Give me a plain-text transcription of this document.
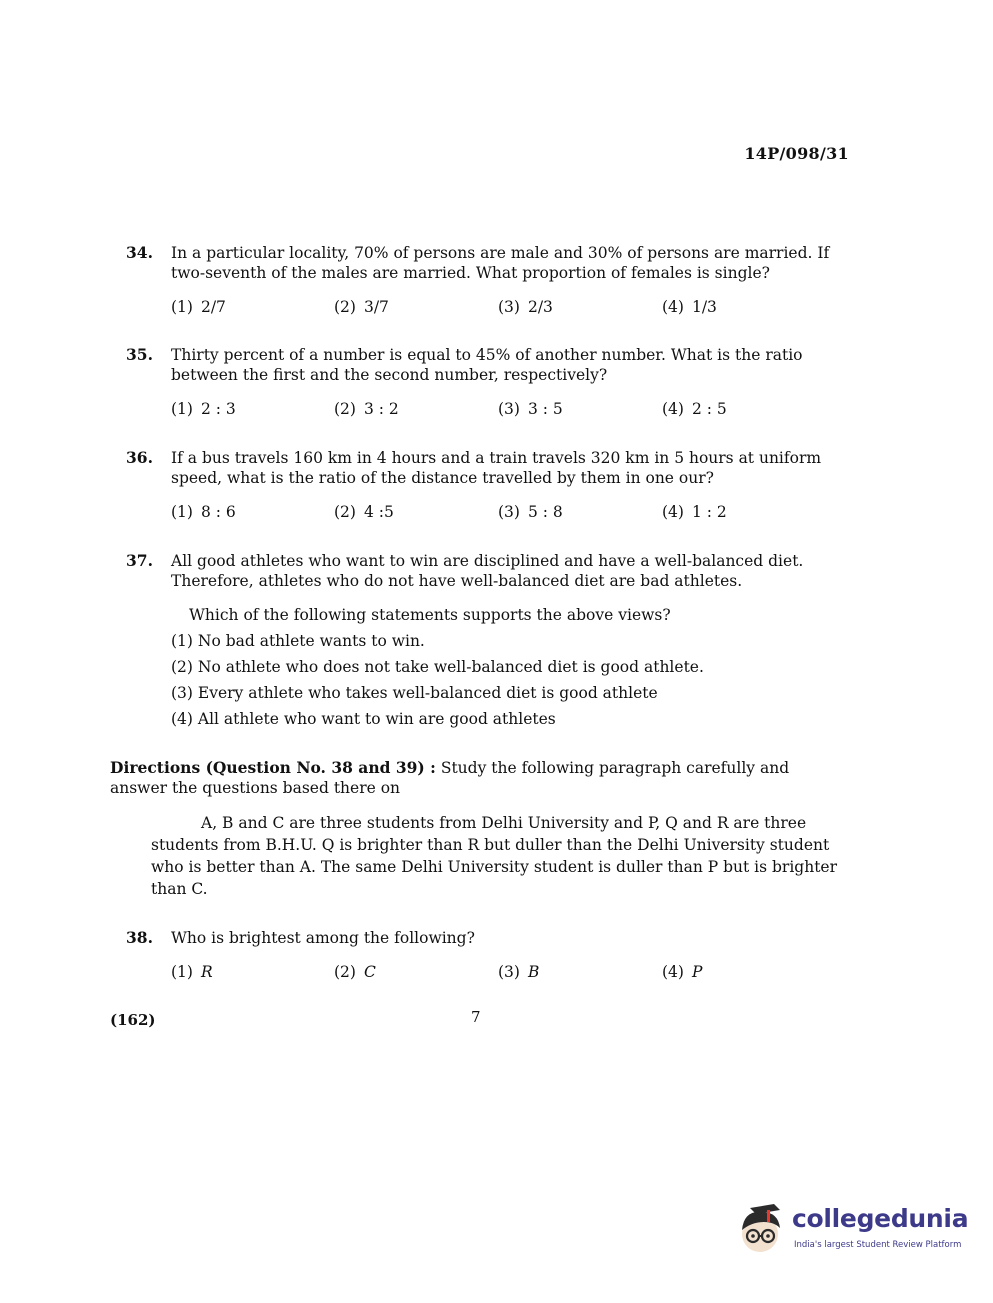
14P/098/31
34. In a particular locality, 70% of persons are male and 30% of persons are married. If two-seventh of the males are married. What proportion of females is single?
(1) 2/7	(2) 3/7	(3) 2/3	(4) 1/3
35. Thirty percent of a number is equal to 45% of another number. What is the ratio between the first and the second number, respectively?
(1) 2 : 3	(2) 3 : 2	(3) 3 : 5	(4) 2 : 5
36. If a bus travels 160 km in 4 hours and a train travels 320 km in 5 hours at uniform speed, what is the ratio of the distance travelled by them in one our?
(1) 8 : 6	(2) 4 :5	(3) 5 : 8	(4) 1 : 2
37. All good athletes who want to win are disciplined and have a well-balanced diet. Therefore, athletes who do not have well-balanced diet are bad athletes.
Which of the following statements supports the above views?
(1) No bad athlete wants to win.
(2) No athlete who does not take well-balanced diet is good athlete.
(3) Every athlete who takes well-balanced diet is good athlete
(4) All athlete who want to win are good athletes
Directions (Question No. 38 and 39) : Study the following paragraph carefully and answer the questions based there on
A, B and C are three students from Delhi University and P, Q and R are three students from B.H.U. Q is brighter than R but duller than the Delhi University student who is better than A. The same Delhi University student is duller than P but is brighter than C.
38. Who is brightest among the following?
(1) R	(2) C	(3) B	(4) P
(162)	7
collegedunia
India's largest Student Review Platform
